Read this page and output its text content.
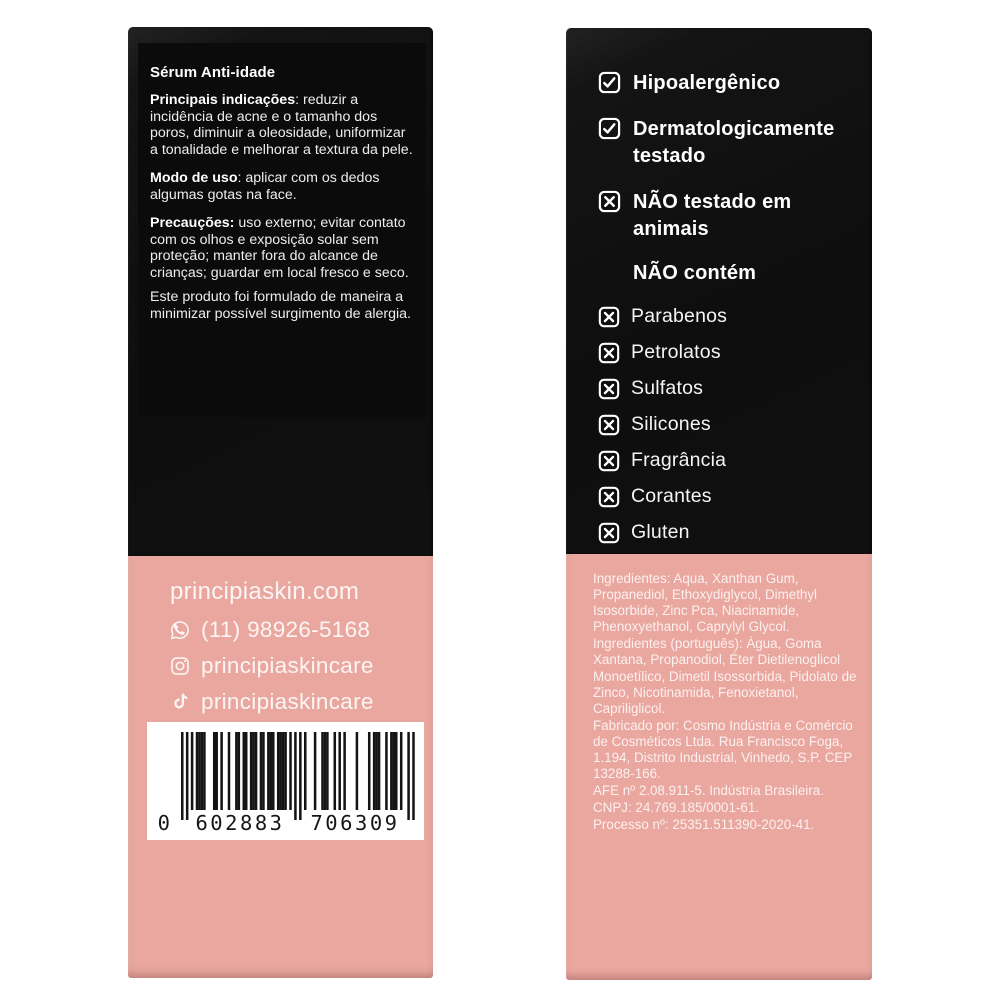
Sérum Anti-idade

Principais indicações: reduzir a incidência de acne e o tamanho dos poros, diminuir a oleosidade, uniformizar a tonalidade e melhorar a textura da pele.

Modo de uso: aplicar com os dedos algumas gotas na face.

Precauções: uso externo; evitar contato com os olhos e exposição solar sem proteção; manter fora do alcance de crianças; guardar em local fresco e seco.

Este produto foi formulado de maneira a minimizar possível surgimento de alergia.

principiaskin.com
(11) 98926-5168
principiaskincare
principiaskincare
0 602883 706309
Hipoalergênico
Dermatologicamente testado
NÃO testado em animais
NÃO contém
Parabenos
Petrolatos
Sulfatos
Silicones
Fragrância
Corantes
Gluten
Ingredientes: Aqua, Xanthan Gum, Propanediol, Ethoxydiglycol, Dimethyl Isosorbide, Zinc Pca, Niacinamide, Phenoxyethanol, Caprylyl Glycol.
Ingredientes (português): Água, Goma Xantana, Propanodiol, Éter Dietilenoglicol Monoetílico, Dimetil Isossorbida, Pidolato de Zinco, Nicotinamida, Fenoxietanol, Capriliglicol.
Fabricado por: Cosmo Indústria e Comércio de Cosméticos Ltda. Rua Francisco Foga, 1.194, Distrito Industrial, Vinhedo, S.P. CEP 13288-166.
AFE nº 2.08.911-5. Indústria Brasileira.
CNPJ: 24.769.185/0001-61.
Processo nº: 25351.511390-2020-41.
